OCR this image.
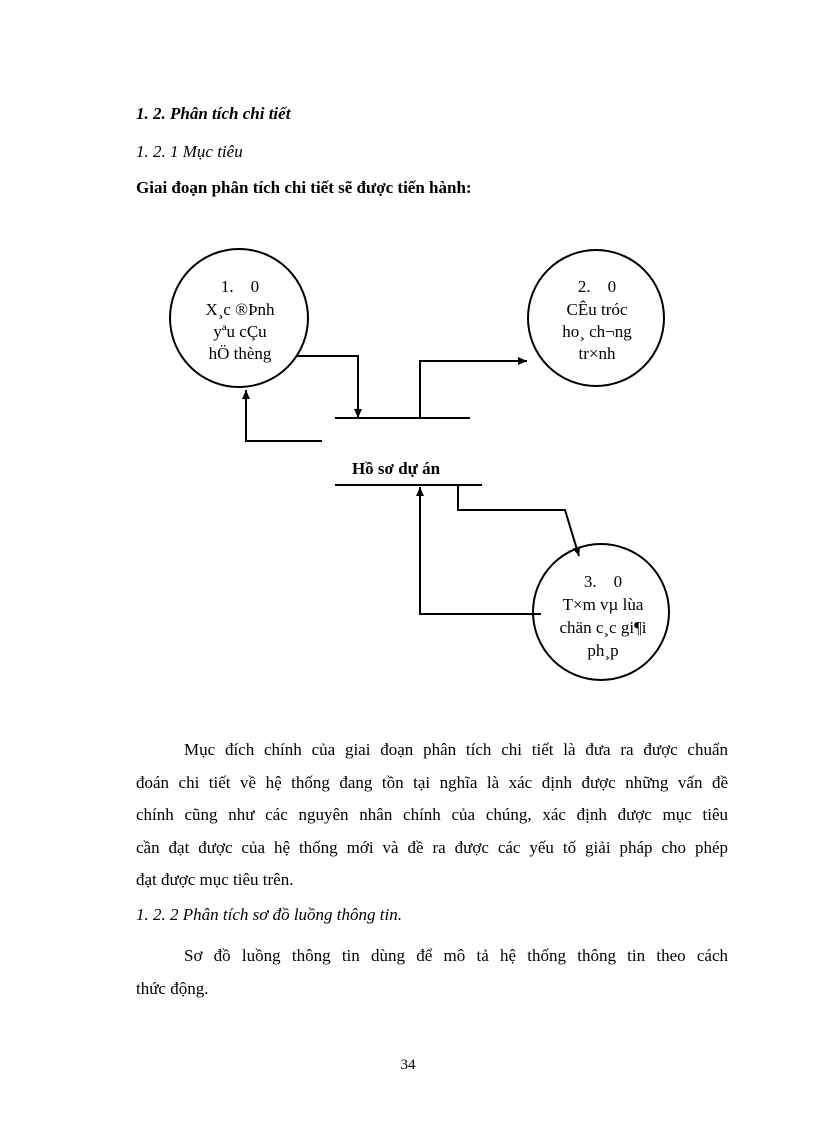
1. 2. Phân tích chi tiết
1. 2. 1 Mục tiêu
Giai đoạn phân tích chi tiết sẽ được tiến hành:
1.    0
X¸c ®Þnh
yªu cÇu
hÖ thèng
2.    0
CÊu tróc
ho¸ ch¬ng
tr×nh
3.    0
T×m vµ lùa
chän c¸c gi¶i
ph¸p
Hồ sơ dự án
Mục đích chính của giai đoạn phân tích chi tiết là đưa ra được chuẩn
đoán chi tiết về hệ thống đang tồn tại nghĩa là xác định được những vấn đề
chính cũng như các nguyên nhân chính của chúng, xác định được mục tiêu
cần đạt được của hệ thống mới và đề ra được các yếu tố giải pháp cho phép
đạt được mục tiêu trên.
1. 2. 2 Phân tích sơ đồ luồng thông tin.
Sơ đồ luồng thông tin dùng để mô tả hệ thống thông tin theo cách
thức động.
34
